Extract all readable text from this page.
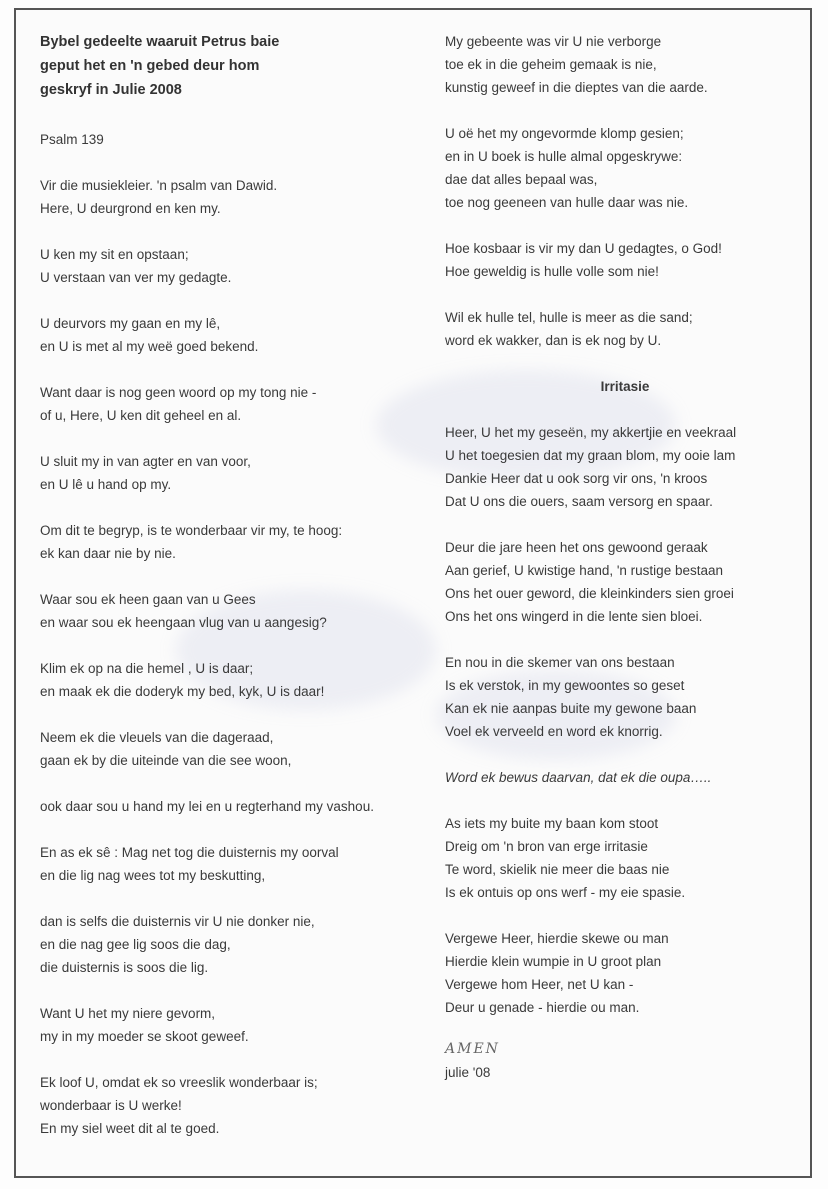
Bybel gedeelte waaruit Petrus baie
geput het en 'n gebed deur hom
geskryf in Julie 2008
Psalm 139
Vir die musiekleier. 'n psalm van Dawid.
Here, U deurgrond en ken my.
U ken my sit en opstaan;
U verstaan van ver my gedagte.
U deurvors my gaan en my lê,
en U is met al my weë goed bekend.
Want daar is nog geen woord op my tong nie -
of u, Here, U ken dit geheel en al.
U sluit my in van agter en van voor,
en U lê u hand op my.
Om dit te begryp, is te wonderbaar vir my, te hoog:
ek kan daar nie by nie.
Waar sou ek heen gaan van u Gees
en waar sou ek heengaan vlug van u aangesig?
Klim ek op na die hemel , U is daar;
en maak ek die doderyk my bed, kyk, U is daar!
Neem ek die vleuels van die dageraad,
gaan ek by die uiteinde van die see woon,
ook daar sou u hand my lei en u regterhand my vashou.
En as ek sê : Mag net tog die duisternis my oorval
en die lig nag wees tot my beskutting,
dan is selfs die duisternis vir U nie donker nie,
en die nag gee lig soos die dag,
die duisternis is soos die lig.
Want U het my niere gevorm,
my in my moeder se skoot geweef.
Ek loof U, omdat ek so vreeslik wonderbaar is;
wonderbaar is U werke!
En my siel weet dit al te goed.
My gebeente was vir U nie verborge
toe ek in die geheim gemaak is nie,
kunstig geweef in die dieptes van die aarde.
U oë het my ongevormde klomp gesien;
en in U boek is hulle almal opgeskrywe:
dae dat alles bepaal was,
toe nog geeneen van hulle daar was nie.
Hoe kosbaar is vir my dan U gedagtes, o God!
Hoe geweldig is hulle volle som nie!
Wil ek hulle tel, hulle is meer as die sand;
word ek wakker, dan is ek nog by U.
Irritasie
Heer, U het my geseën, my akkertjie en veekraal
U het toegesien dat my graan blom, my ooie lam
Dankie Heer dat u ook sorg vir ons, 'n kroos
Dat U ons die ouers, saam versorg en spaar.
Deur die jare heen het ons gewoond geraak
Aan gerief, U kwistige hand, 'n rustige bestaan
Ons het ouer geword, die kleinkinders sien groei
Ons het ons wingerd in die lente sien bloei.
En nou in die skemer van ons bestaan
Is ek verstok, in my gewoontes so geset
Kan ek nie aanpas buite my gewone baan
Voel ek verveeld en word ek knorrig.
Word ek bewus daarvan, dat ek die oupa…..
As iets my buite my baan kom stoot
Dreig om 'n bron van erge irritasie
Te word, skielik nie meer die baas nie
Is ek ontuis op ons werf - my eie spasie.
Vergewe Heer, hierdie skewe ou man
Hierdie klein wumpie in U groot plan
Vergewe hom Heer, net U kan -
Deur u genade - hierdie ou man.
AMEN
julie '08
